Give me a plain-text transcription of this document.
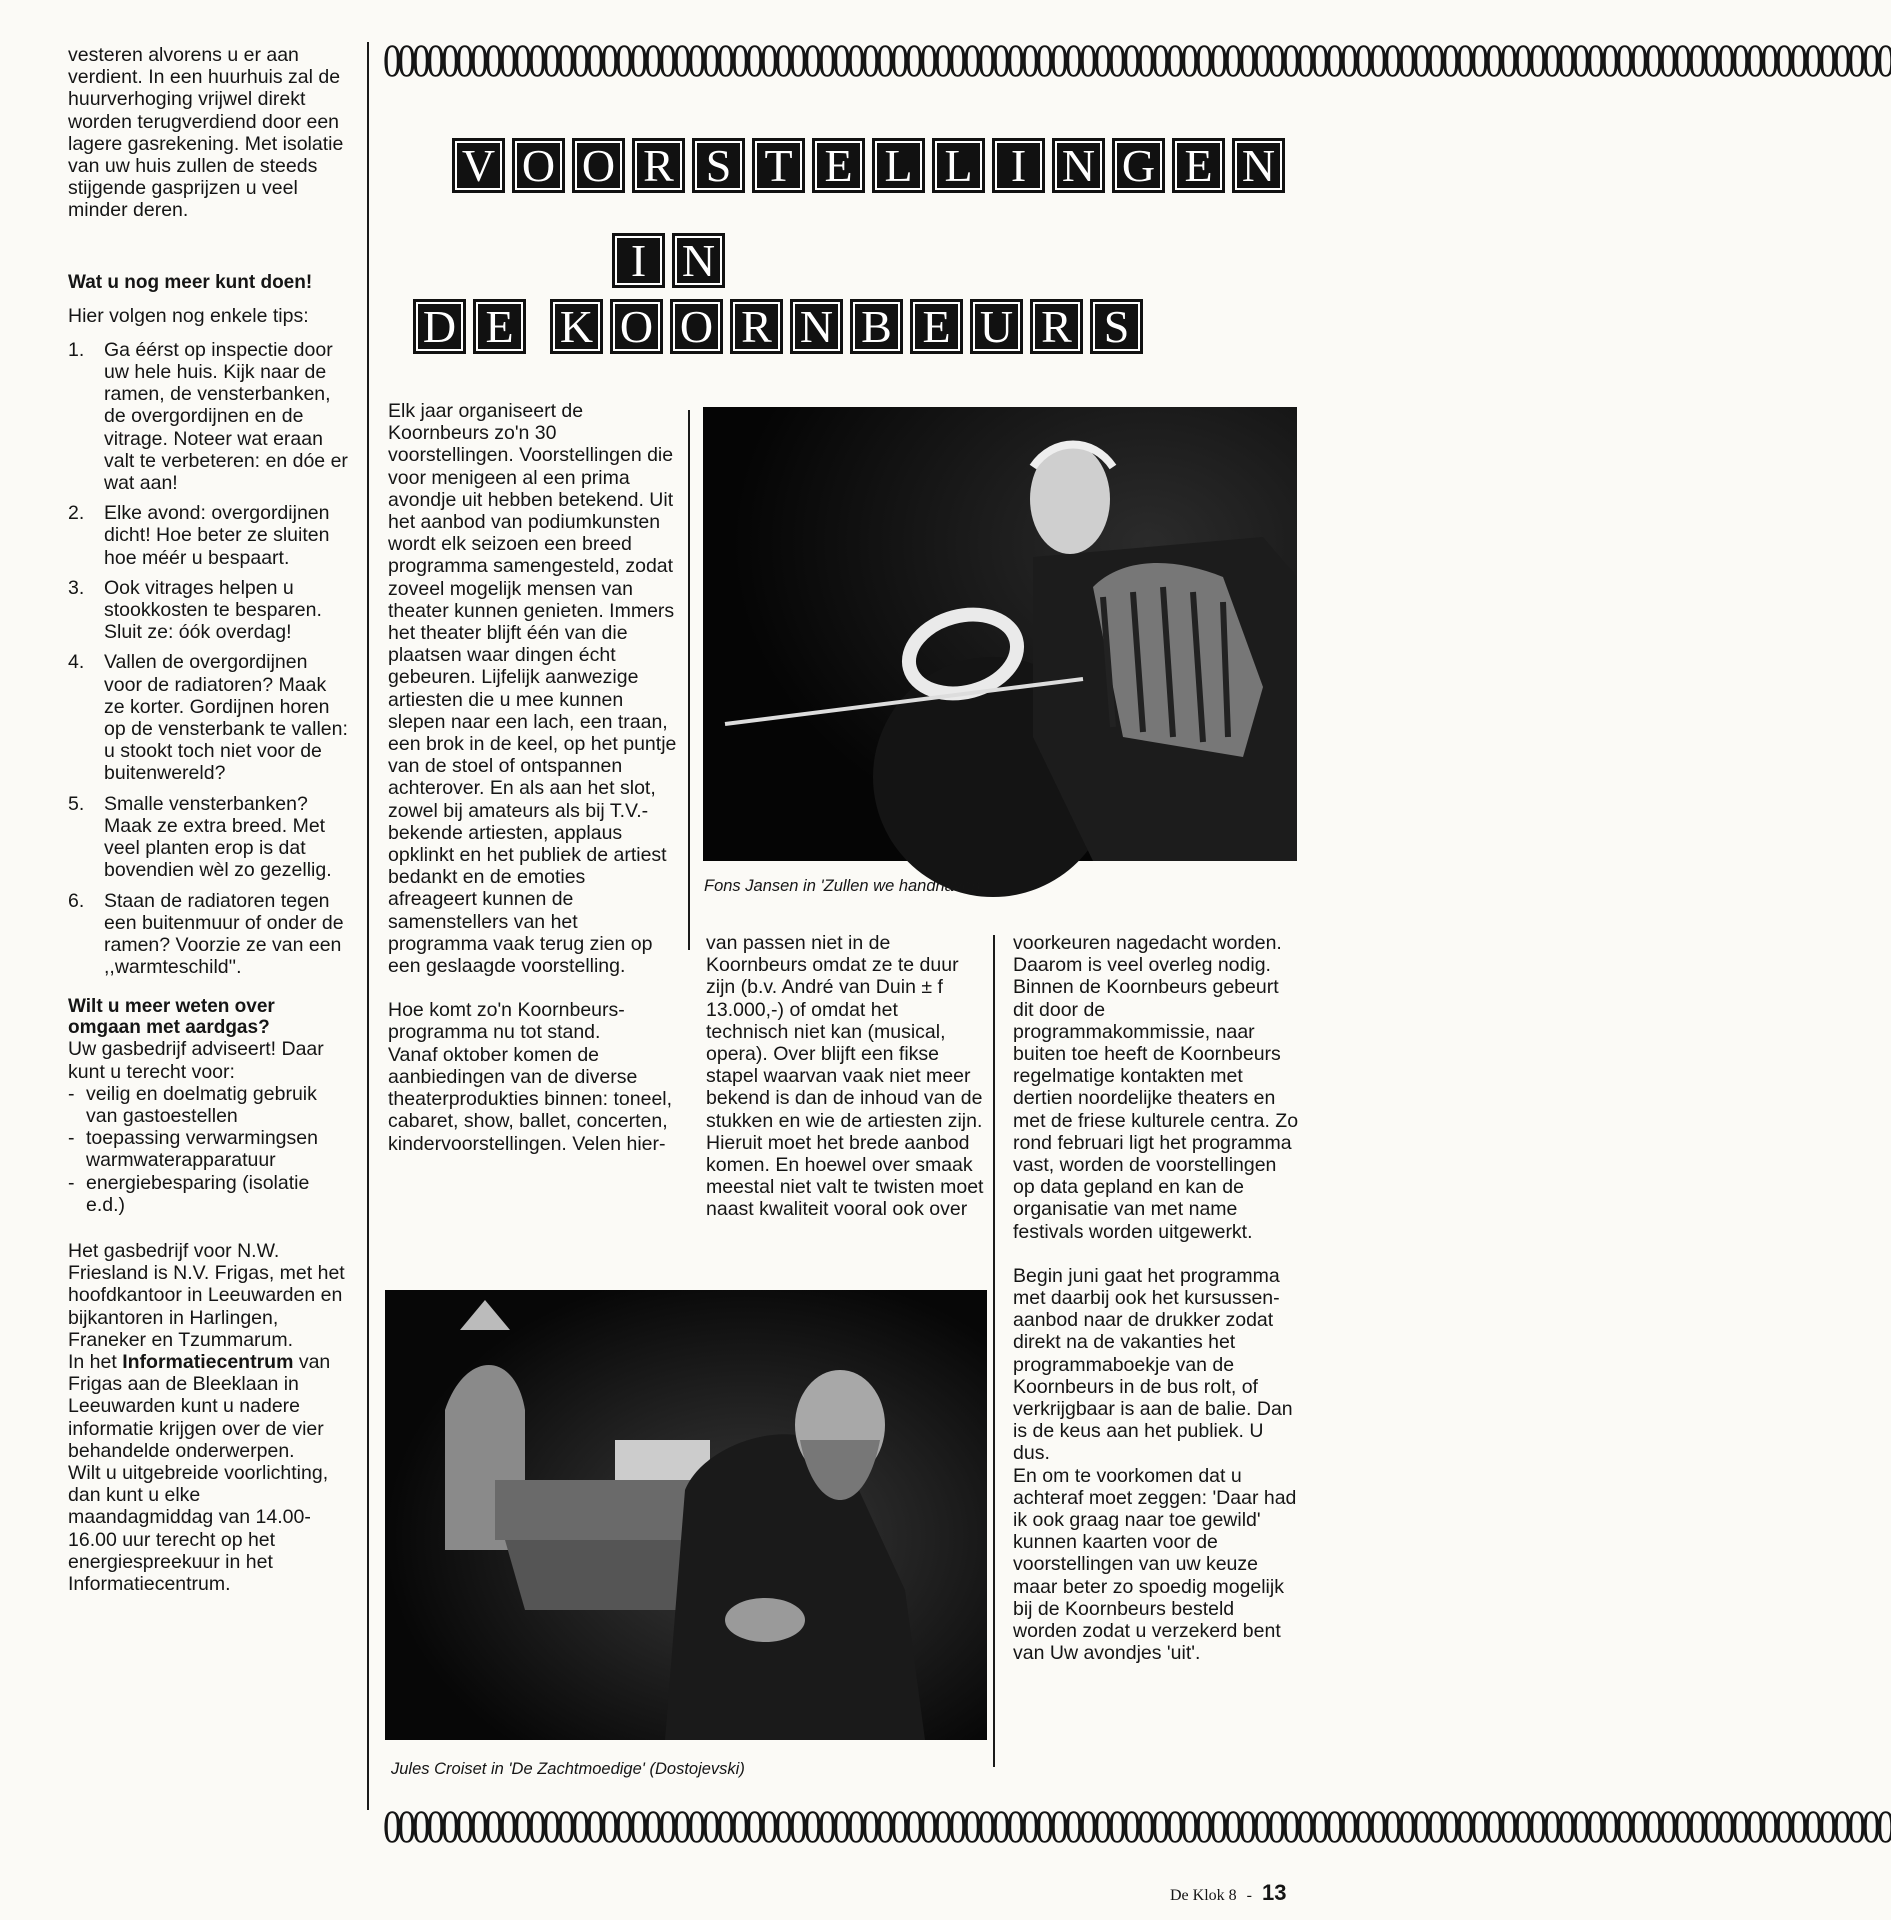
vesteren alvorens u er aan verdient. In een huurhuis zal de huurverhoging vrijwel direkt worden terugverdiend door een lagere gasrekening. Met isolatie van uw huis zullen de steeds stijgende gasprijzen u veel minder deren.

Wat u nog meer kunt doen!

Hier volgen nog enkele tips:

1. Ga éérst op inspectie door uw hele huis. Kijk naar de ramen, de vensterbanken, de overgordijnen en de vitrage. Noteer wat eraan valt te verbeteren: en dóe er wat aan!
2. Elke avond: overgordijnen dicht! Hoe beter ze sluiten hoe méér u bespaart.
3. Ook vitrages helpen u stookkosten te besparen. Sluit ze: óók overdag!
4. Vallen de overgordijnen voor de radiatoren? Maak ze korter. Gordijnen horen op de vensterbank te vallen: u stookt toch niet voor de buitenwereld?
5. Smalle vensterbanken? Maak ze extra breed. Met veel planten erop is dat bovendien wèl zo gezellig.
6. Staan de radiatoren tegen een buitenmuur of onder de ramen? Voorzie ze van een ,,warmteschild''.

Wilt u meer weten over omgaan met aardgas?

Uw gasbedrijf adviseert! Daar kunt u terecht voor:

- veilig en doelmatig gebruik van gastoestellen
- toepassing verwarmingsen warmwaterapparatuur
- energiebesparing (isolatie e.d.)

Het gasbedrijf voor N.W. Friesland is N.V. Frigas, met het hoofdkantoor in Leeuwarden en bijkantoren in Harlingen, Franeker en Tzummarum.

In het Informatiecentrum van Frigas aan de Bleeklaan in Leeuwarden kunt u nadere informatie krijgen over de vier behandelde onderwerpen.

Wilt u uitgebreide voorlichting, dan kunt u elke maandagmiddag van 14.00-16.00 uur terecht op het energiespreekuur in het Informatiecentrum.

00000000000000000000000000000000000000000000000000000000000000000000000000000000000000000000000000000000
V O O R S T E L L I N G E N
I N
D E K O O R N B E U R S

Elk jaar organiseert de Koornbeurs zo'n 30 voorstellingen. Voorstellingen die voor menigeen al een prima avondje uit hebben betekend. Uit het aanbod van podiumkunsten wordt elk seizoen een breed programma samengesteld, zodat zoveel mogelijk mensen van theater kunnen genieten. Immers het theater blijft één van die plaatsen waar dingen écht gebeuren. Lijfelijk aanwezige artiesten die u mee kunnen slepen naar een lach, een traan, een brok in de keel, op het puntje van de stoel of ontspannen achterover. En als aan het slot, zowel bij amateurs als bij T.V.-bekende artiesten, applaus opklinkt en het publiek de artiest bedankt en de emoties afreageert kunnen de samenstellers van het programma vaak terug zien op een geslaagde voorstelling.

Hoe komt zo'n Koornbeurs-programma nu tot stand.

Vanaf oktober komen de aanbiedingen van de diverse theaterprodukties binnen: toneel, cabaret, show, ballet, concerten, kindervoorstellingen. Velen hier-

Fons Jansen in 'Zullen we handhaven'

van passen niet in de Koornbeurs omdat ze te duur zijn (b.v. André van Duin ± f 13.000,-) of omdat het technisch niet kan (musical, opera). Over blijft een fikse stapel waarvan vaak niet meer bekend is dan de inhoud van de stukken en wie de artiesten zijn. Hieruit moet het brede aanbod komen. En hoewel over smaak meestal niet valt te twisten moet naast kwaliteit vooral ook over

voorkeuren nagedacht worden. Daarom is veel overleg nodig. Binnen de Koornbeurs gebeurt dit door de programmakommissie, naar buiten toe heeft de Koornbeurs regelmatige kontakten met dertien noordelijke theaters en met de friese kulturele centra. Zo rond februari ligt het programma vast, worden de voorstellingen op data gepland en kan de organisatie van met name festivals worden uitgewerkt.

Begin juni gaat het programma met daarbij ook het kursussen-aanbod naar de drukker zodat direkt na de vakanties het programmaboekje van de Koornbeurs in de bus rolt, of verkrijgbaar is aan de balie. Dan is de keus aan het publiek. U dus.

En om te voorkomen dat u achteraf moet zeggen: 'Daar had ik ook graag naar toe gewild' kunnen kaarten voor de voorstellingen van uw keuze maar beter zo spoedig mogelijk bij de Koornbeurs besteld worden zodat u verzekerd bent van Uw avondjes 'uit'.

Jules Croiset in 'De Zachtmoedige' (Dostojevski)
00000000000000000000000000000000000000000000000000000000000000000000000000000000000000000000000000000000
De Klok 8 - 13
